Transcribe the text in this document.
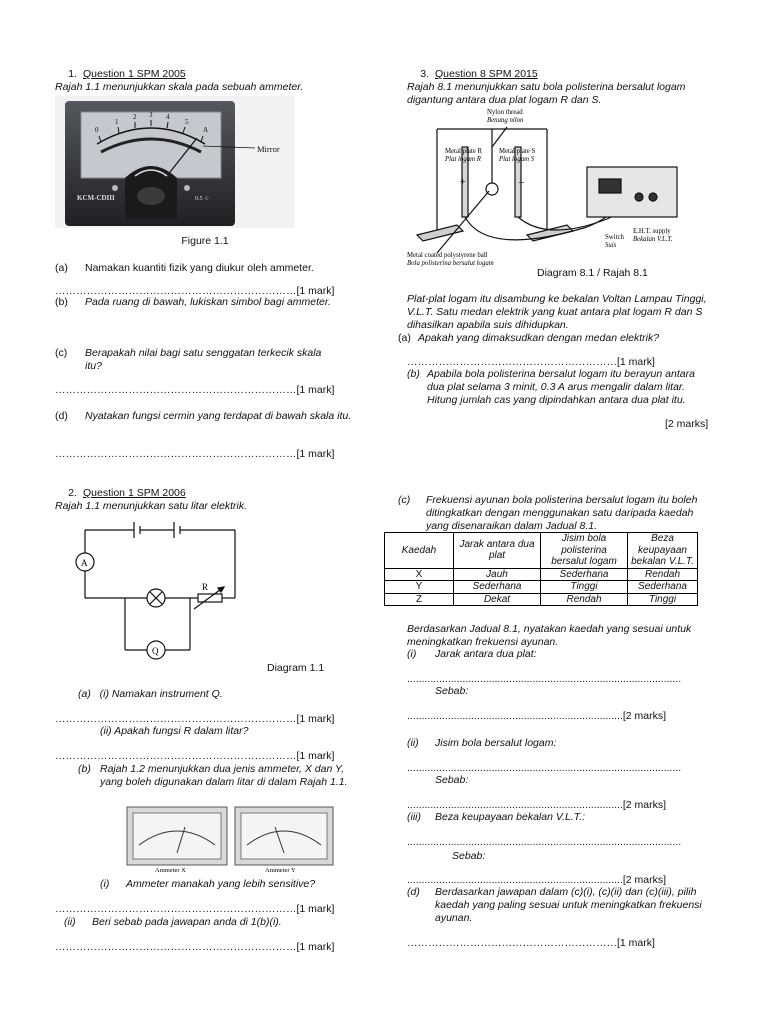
1. Question 1 SPM 2005
Rajah 1.1 menunjukkan skala pada sebuah ammeter.
0
1
2 3 4
5
A
KCM-CDIII	0.5 ☆
Mirror
Figure 1.1
(a)	Namakan kuantiti fizik yang diukur oleh ammeter.
……………………………………………………………[1 mark]
(b)	Pada ruang di bawah, lukiskan simbol bagi ammeter.
(c)	Berapakah nilai bagi satu senggatan terkecik skala itu?
……………………………………………………………[1 mark]
(d)	Nyatakan fungsi cermin yang terdapat di bawah skala itu.
……………………………………………………………[1 mark]
2. Question 1 SPM 2006
Rajah 1.1 menunjukkan satu litar elektrik.
A
R
Q
Diagram 1.1
(a) (i) Namakan instrument Q.
……………………………………………………………[1 mark]
(ii) Apakah fungsi R dalam litar?
……………………………………………………………[1 mark]
(b) Rajah 1.2 menunjukkan dua jenis ammeter, X dan Y, yang boleh digunakan dalam litar di dalam Rajah 1.1.
Ammeter X	Ammeter Y
(i)	Ammeter manakah yang lebih sensitive?
……………………………………………………………[1 mark]
(ii)	Beri sebab pada jawapan anda di 1(b)(i).
……………………………………………………………[1 mark]
3. Question 8 SPM 2015
Rajah 8.1 menunjukkan satu bola polisterina bersalut logam digantung antara dua plat logam R dan S.
+	–
Nylon thread
Benang nilon
Metal plate R
Plat logam R
Metal plate S
Plat logam S
Switch
Suis
E.H.T. supply
Bekalan V.L.T.
Metal coated polystyrene ball
Bola polisterina bersalut logam
Diagram 8.1 / Rajah 8.1
Plat-plat logam itu disambung ke bekalan Voltan Lampau Tinggi, V.L.T. Satu medan elektrik yang kuat antara plat logam R dan S dihasilkan apabila suis dihidupkan.
(a) Apakah yang dimaksudkan dengan medan elektrik?
……………………………………………………[1 mark]
(b) Apabila bola polisterina bersalut logam itu berayun antara dua plat selama 3 minit, 0.3 A arus mengalir dalam litar. Hitung jumlah cas yang dipindahkan antara dua plat itu.
[2 marks]
(c)	Frekuensi ayunan bola polisterina bersalut logam itu boleh ditingkatkan dengan menggunakan satu daripada kaedah yang disenaraikan dalam Jadual 8.1.
Kaedah	Jarak antara dua plat	Jisim bola polisterina bersalut logam	Beza keupayaan bekalan V.L.T.
X	Jauh	Sederhana	Rendah
Y	Sederhana	Tinggi	Sederhana
Z	Dekat	Rendah	Tinggi
Berdasarkan Jadual 8.1, nyatakan kaedah yang sesuai untuk meningkatkan frekuensi ayunan.
(i)	Jarak antara dua plat:
..............................................................................................
Sebab:
..........................................................................[2 marks]
(ii)	Jisim bola bersalut logam:
..............................................................................................
Sebab:
..........................................................................[2 marks]
(iii)	Beza keupayaan bekalan V.L.T.:
..............................................................................................
Sebab:
..........................................................................[2 marks]
(d)	Berdasarkan jawapan dalam (c)(i), (c)(ii) dan (c)(iii), pilih kaedah yang paling sesuai untuk meningkatkan frekuensi ayunan.
……………………………………………………[1 mark]
